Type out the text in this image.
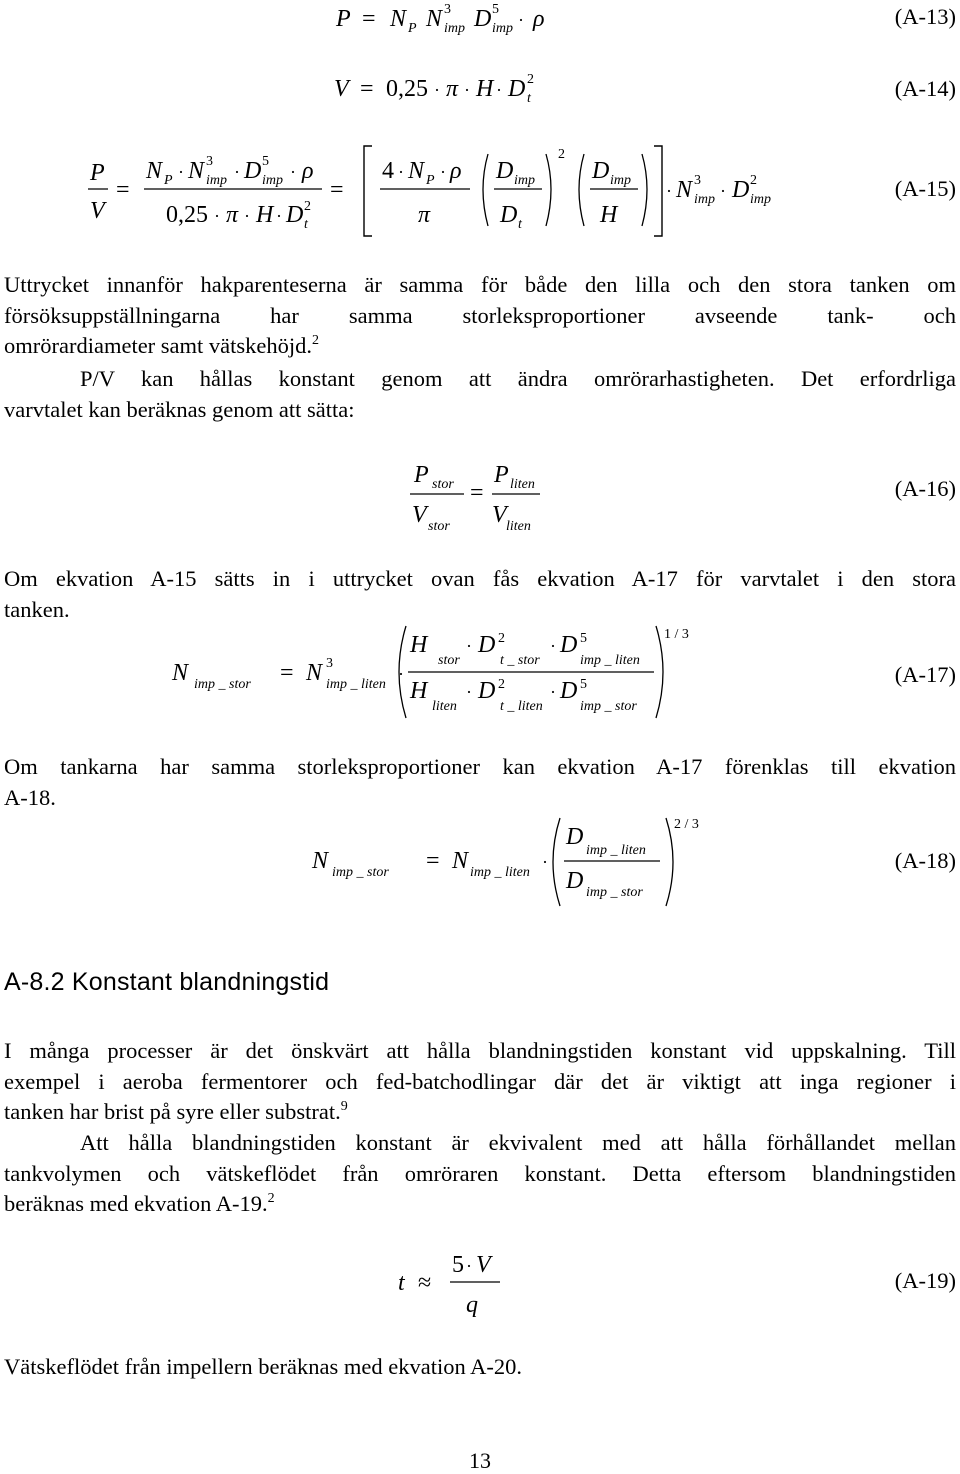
P = N P N 3
imp D 5
imp · ρ	(A-13)
V = 0,25 · π · H · D 2
t	(A-14)
P
V
=
N P · N 3
imp · D 5
imp · ρ
0,25 · π · H · D 2
t
=
4 · N P · ρ
π
D imp
D t
2
D imp
H
· N 3
imp · D 2
imp	(A-15)
Uttrycket innanför hakparenteserna är samma för både den lilla och den stora tanken om
försöksuppställningarna har samma storleksproportioner avseende tank- och
omrörardiameter samt vätskehöjd.$^2$
P/V kan hållas konstant genom att ändra omrörarhastigheten. Det erfordrliga
varvtalet kan beräknas genom att sätta:
P stor
V stor
=
P liten
V liten
(A-16)
Om ekvation A-15 sätts in i uttrycket ovan fås ekvation A-17 för varvtalet i den stora
tanken.
N imp _ stor = N 3
imp _ liten
·
H
stor
· D 2
t _ stor
· D 5
imp _ liten
H
liten
· D 2
t _ liten
· D 5
imp _ stor
1 / 3
(A-17)
Om tankarna har samma storleksproportioner kan ekvation A-17 förenklas till ekvation
A-18.
N imp _ stor = N imp _ liten
·
D
imp _ liten
D imp _ stor
2 / 3
(A-18)
A-8.2 Konstant blandningstid
I många processer är det önskvärt att hålla blandningstiden konstant vid uppskalning. Till
exempel i aeroba fermentorer och fed-batchodlingar där det är viktigt att inga regioner i
tanken har brist på syre eller substrat.$^9$
Att hålla blandningstiden konstant är ekvivalent med att hålla förhållandet mellan
tankvolymen och vätskeflödet från omröraren konstant. Detta eftersom blandningstiden
beräknas med ekvation A-19.$^2$
t ≈
5 · V
q
(A-19)
Vätskeflödet från impellern beräknas med ekvation A-20.
13
